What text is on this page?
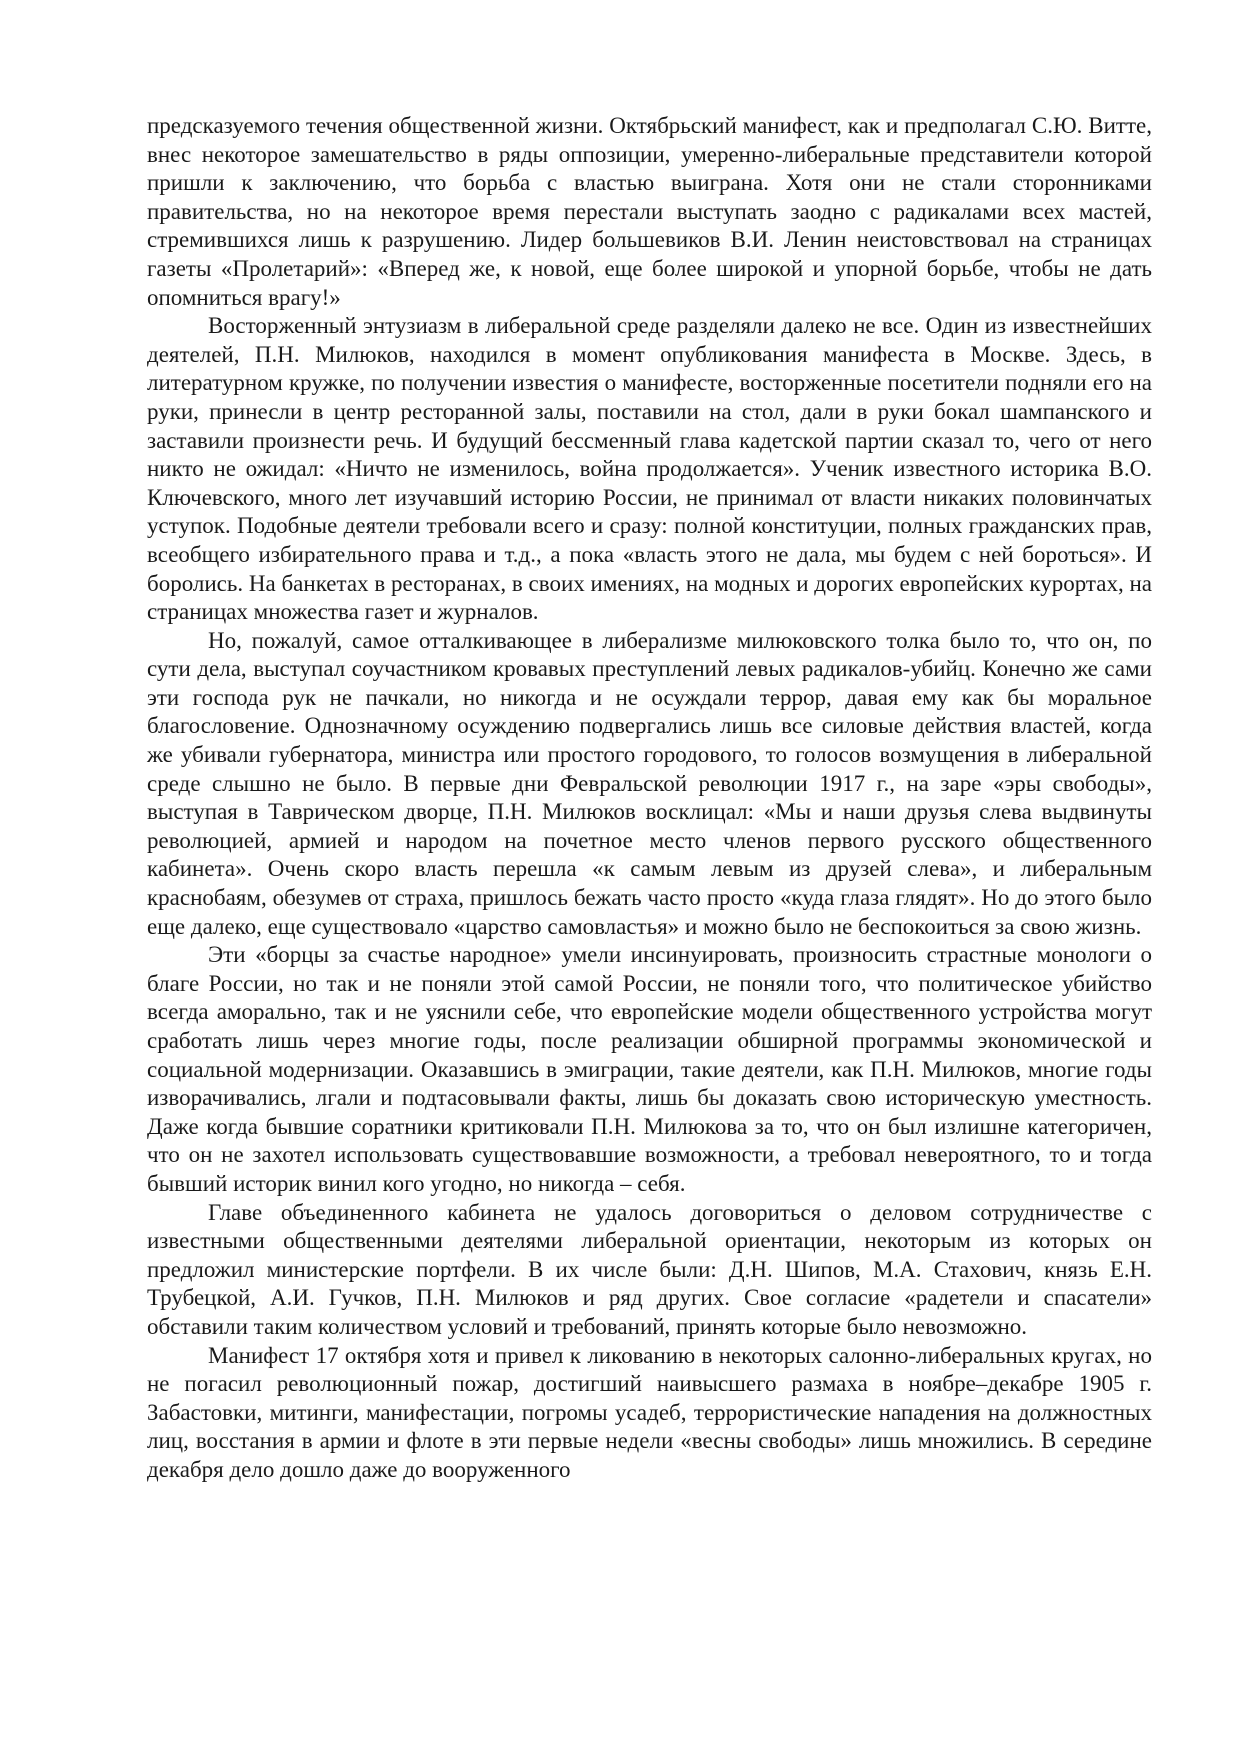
предсказуемого течения общественной жизни. Октябрьский манифест, как и предполагал С.Ю. Витте, внес некоторое замешательство в ряды оппозиции, умеренно-либеральные представители которой пришли к заключению, что борьба с властью выиграна. Хотя они не стали сторонниками правительства, но на некоторое время перестали выступать заодно с радикалами всех мастей, стремившихся лишь к разрушению. Лидер большевиков В.И. Ленин неистовствовал на страницах газеты «Пролетарий»: «Вперед же, к новой, еще более широкой и упорной борьбе, чтобы не дать опомниться врагу!»

Восторженный энтузиазм в либеральной среде разделяли далеко не все. Один из известнейших деятелей, П.Н. Милюков, находился в момент опубликования манифеста в Москве. Здесь, в литературном кружке, по получении известия о манифесте, восторженные посетители подняли его на руки, принесли в центр ресторанной залы, поставили на стол, дали в руки бокал шампанского и заставили произнести речь. И будущий бессменный глава кадетской партии сказал то, чего от него никто не ожидал: «Ничто не изменилось, война продолжается». Ученик известного историка В.О. Ключевского, много лет изучавший историю России, не принимал от власти никаких половинчатых уступок. Подобные деятели требовали всего и сразу: полной конституции, полных гражданских прав, всеобщего избирательного права и т.д., а пока «власть этого не дала, мы будем с ней бороться». И боролись. На банкетах в ресторанах, в своих имениях, на модных и дорогих европейских курортах, на страницах множества газет и журналов.

Но, пожалуй, самое отталкивающее в либерализме милюковского толка было то, что он, по сути дела, выступал соучастником кровавых преступлений левых радикалов-убийц. Конечно же сами эти господа рук не пачкали, но никогда и не осуждали террор, давая ему как бы моральное благословение. Однозначному осуждению подвергались лишь все силовые действия властей, когда же убивали губернатора, министра или простого городового, то голосов возмущения в либеральной среде слышно не было. В первые дни Февральской революции 1917 г., на заре «эры свободы», выступая в Таврическом дворце, П.Н. Милюков восклицал: «Мы и наши друзья слева выдвинуты революцией, армией и народом на почетное место членов первого русского общественного кабинета». Очень скоро власть перешла «к самым левым из друзей слева», и либеральным краснобаям, обезумев от страха, пришлось бежать часто просто «куда глаза глядят». Но до этого было еще далеко, еще существовало «царство самовластья» и можно было не беспокоиться за свою жизнь.

Эти «борцы за счастье народное» умели инсинуировать, произносить страстные монологи о благе России, но так и не поняли этой самой России, не поняли того, что политическое убийство всегда аморально, так и не уяснили себе, что европейские модели общественного устройства могут сработать лишь через многие годы, после реализации обширной программы экономической и социальной модернизации. Оказавшись в эмиграции, такие деятели, как П.Н. Милюков, многие годы изворачивались, лгали и подтасовывали факты, лишь бы доказать свою историческую уместность. Даже когда бывшие соратники критиковали П.Н. Милюкова за то, что он был излишне категоричен, что он не захотел использовать существовавшие возможности, а требовал невероятного, то и тогда бывший историк винил кого угодно, но никогда – себя.

Главе объединенного кабинета не удалось договориться о деловом сотрудничестве с известными общественными деятелями либеральной ориентации, некоторым из которых он предложил министерские портфели. В их числе были: Д.Н. Шипов, М.А. Стахович, князь Е.Н. Трубецкой, А.И. Гучков, П.Н. Милюков и ряд других. Свое согласие «радетели и спасатели» обставили таким количеством условий и требований, принять которые было невозможно.

Манифест 17 октября хотя и привел к ликованию в некоторых салонно-либеральных кругах, но не погасил революционный пожар, достигший наивысшего размаха в ноябре–декабре 1905 г. Забастовки, митинги, манифестации, погромы усадеб, террористические нападения на должностных лиц, восстания в армии и флоте в эти первые недели «весны свободы» лишь множились. В середине декабря дело дошло даже до вооруженного
